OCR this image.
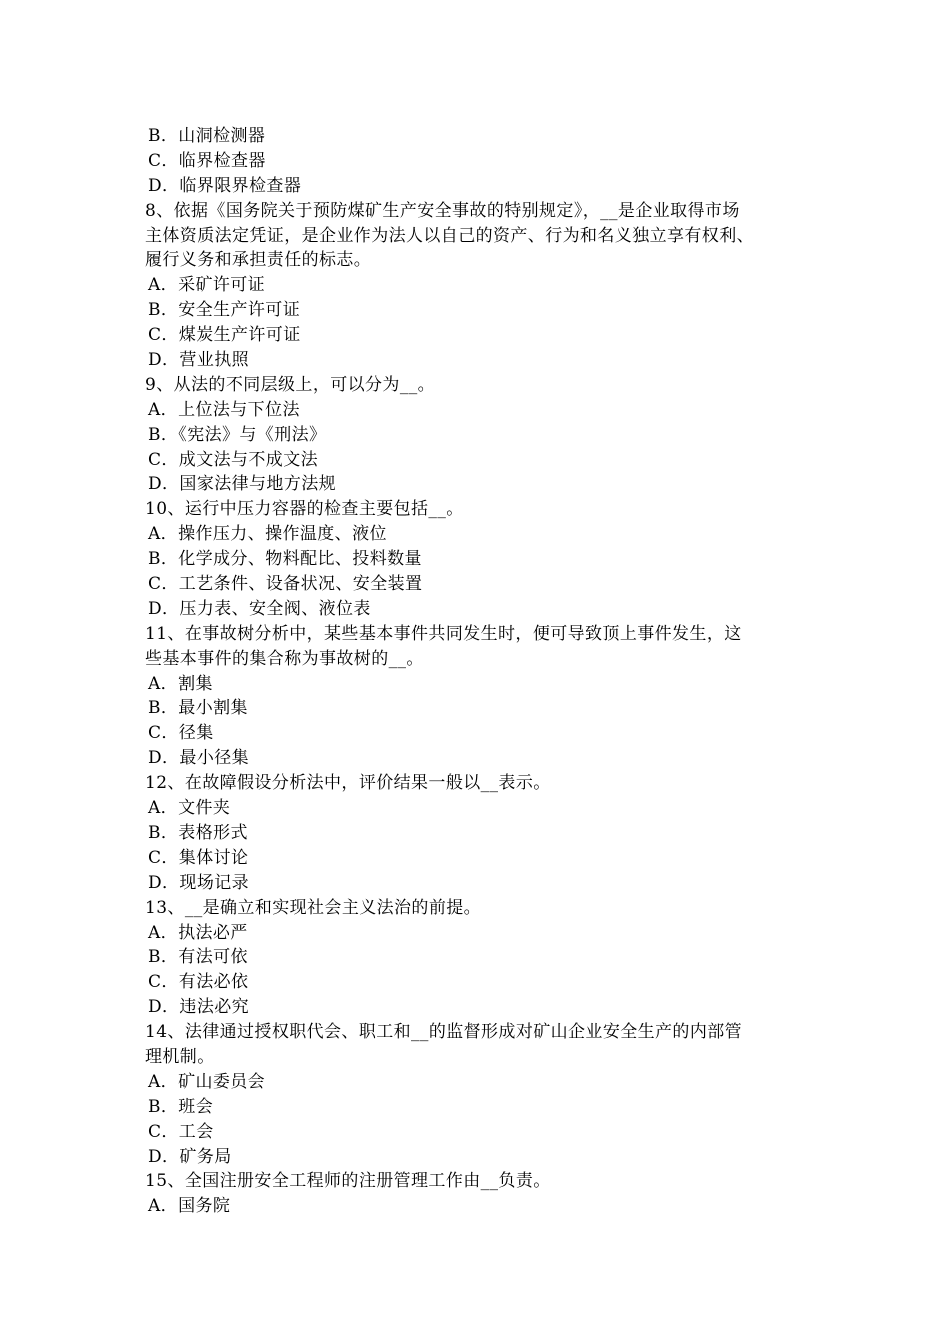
B．山洞检测器
C．临界检查器
D．临界限界检查器
8、依据《国务院关于预防煤矿生产安全事故的特别规定》，__是企业取得市场
主体资质法定凭证，是企业作为法人以自己的资产、行为和名义独立享有权利、
履行义务和承担责任的标志。
A．采矿许可证
B．安全生产许可证
C．煤炭生产许可证
D．营业执照
9、从法的不同层级上，可以分为__。
A．上位法与下位法
B．《宪法》与《刑法》
C．成文法与不成文法
D．国家法律与地方法规
10、运行中压力容器的检查主要包括__。
A．操作压力、操作温度、液位
B．化学成分、物料配比、投料数量
C．工艺条件、设备状况、安全装置
D．压力表、安全阀、液位表
11、在事故树分析中，某些基本事件共同发生时，便可导致顶上事件发生，这
些基本事件的集合称为事故树的__。
A．割集
B．最小割集
C．径集
D．最小径集
12、在故障假设分析法中，评价结果一般以__表示。
A．文件夹
B．表格形式
C．集体讨论
D．现场记录
13、__是确立和实现社会主义法治的前提。
A．执法必严
B．有法可依
C．有法必依
D．违法必究
14、法律通过授权职代会、职工和__的监督形成对矿山企业安全生产的内部管
理机制。
A．矿山委员会
B．班会
C．工会
D．矿务局
15、全国注册安全工程师的注册管理工作由__负责。
A．国务院
